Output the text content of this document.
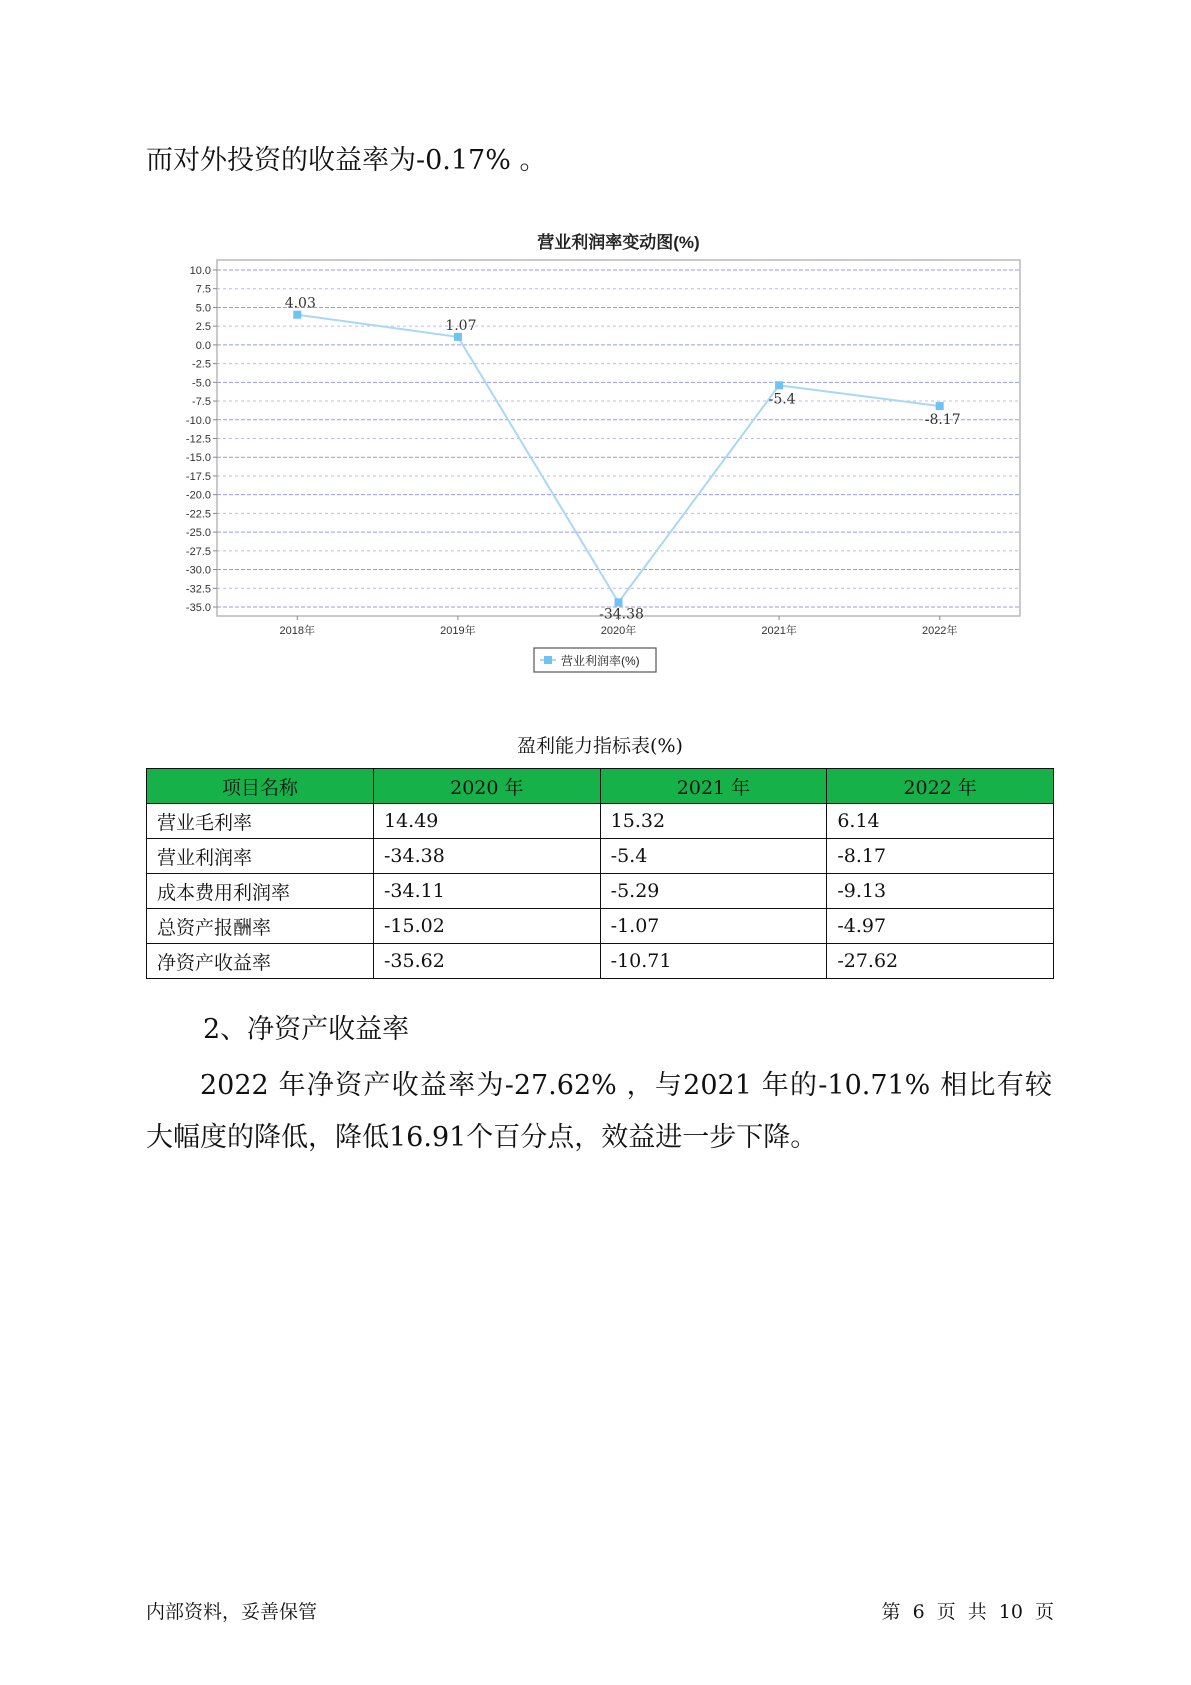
而对外投资的收益率为-0.17% 。

营业利润率变动图(%)
10.0
7.5
5.0
2.5
0.0
-2.5
-5.0
-7.5
-10.0
-12.5
-15.0
-17.5
-20.0
-22.5
-25.0
-27.5
-30.0
-32.5
-35.0
2018年	2019年	2020年	2021年	2022年
4.03
1.07
-34.38
-5.4
-8.17
营业利润率(%)
盈利能力指标表(%)
项目名称	2020 年	2021 年	2022 年
营业毛利率	14.49	15.32	6.14
营业利润率	-34.38	-5.4	-8.17
成本费用利润率	-34.11	-5.29	-9.13
总资产报酬率	-15.02	-1.07	-4.97
净资产收益率	-35.62	-10.71	-27.62

2、净资产收益率

2022 年净资产收益率为-27.62% ，与2021 年的-10.71% 相比有较大幅度的降低，降低16.91个百分点，效益进一步下降。

内部资料，妥善保管	第 6 页 共 10 页
